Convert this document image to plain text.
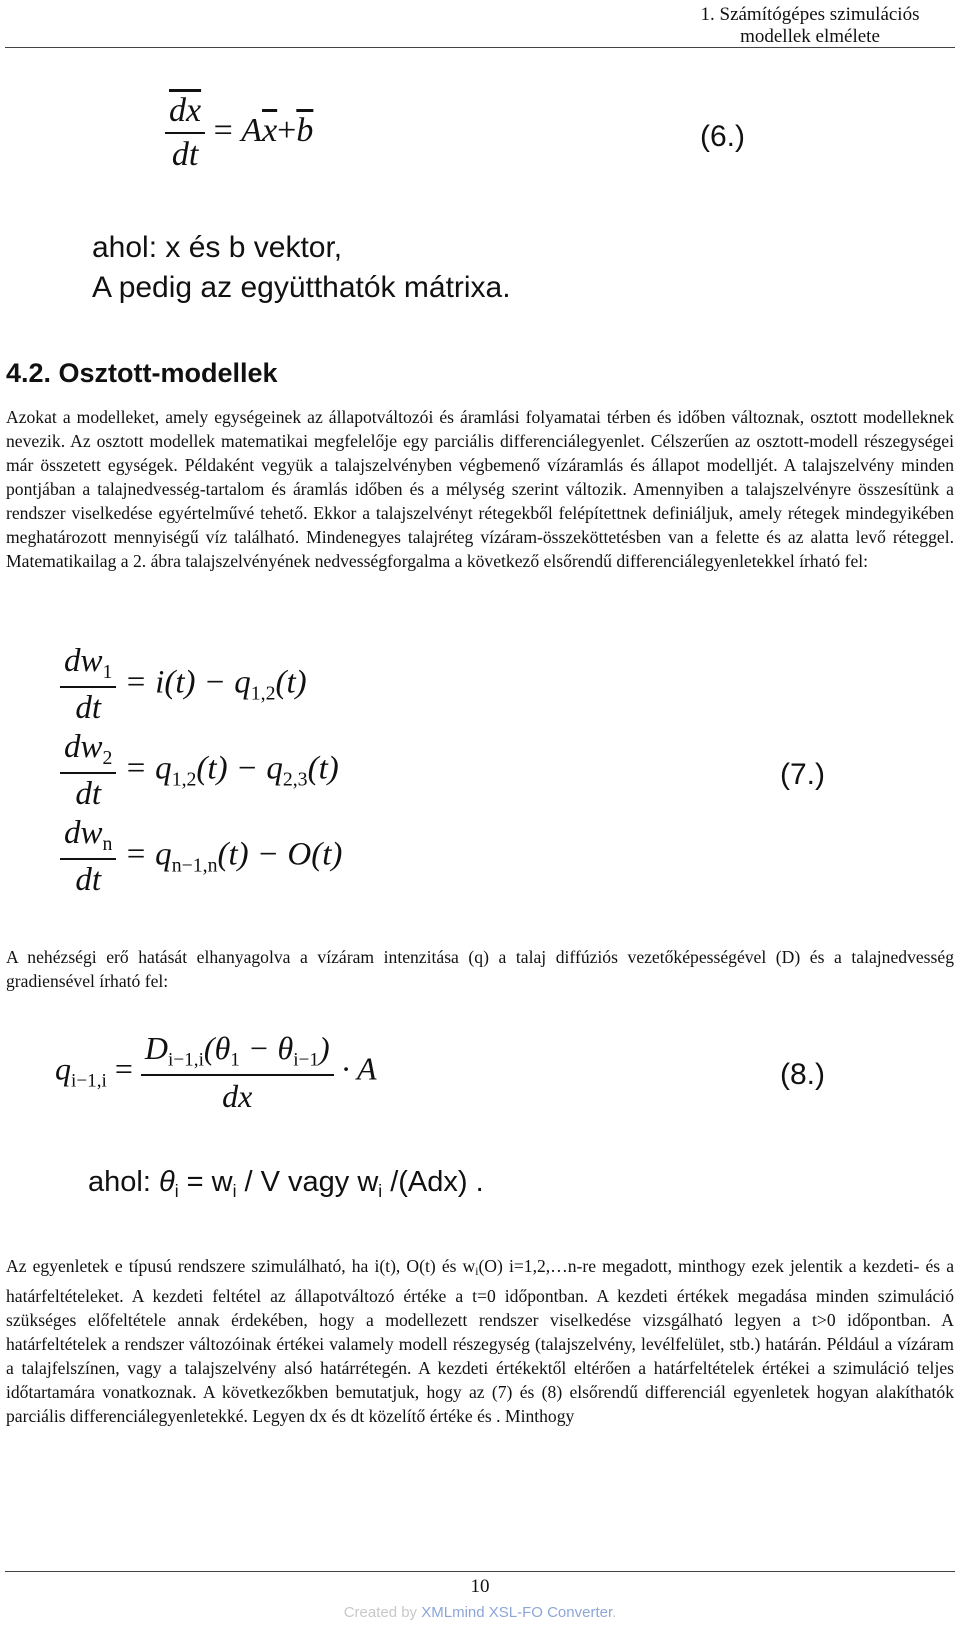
1. Számítógépes szimulációs modellek elmélete
$\frac{\overline{dx}}{dt} = A\overline{x}+\overline{b}$	(6.)
ahol: x és b vektor,
A pedig az együtthatók mátrixa.
4.2. Osztott-modellek

Azokat a modelleket, amely egységeinek az állapotváltozói és áramlási folyamatai térben és időben változnak, osztott modelleknek nevezik. Az osztott modellek matematikai megfelelője egy parciális differenciálegyenlet. Célszerűen az osztott-modell részegységei már összetett egységek. Példaként vegyük a talajszelvényben végbemenő vízáramlás és állapot modelljét. A talajszelvény minden pontjában a talajnedvesség-tartalom és áramlás időben és a mélység szerint változik. Amennyiben a talajszelvényre összesítünk a rendszer viselkedése egyértelművé tehető. Ekkor a talajszelvényt rétegekből felépítettnek definiáljuk, amely rétegek mindegyikében meghatározott mennyiségű víz található. Mindenegyes talajréteg vízáram-összeköttetésben van a felette és az alatta levő réteggel. Matematikailag a 2. ábra talajszelvényének nedvességforgalma a következő elsőrendű differenciálegyenletekkel írható fel:

$\frac{dw_1}{dt} = i(t) - q_{1,2}(t)$
$\frac{dw_2}{dt} = q_{1,2}(t) - q_{2,3}(t)$
$\frac{dw_n}{dt} = q_{n-1,n}(t) - O(t)$
(7.)

A nehézségi erő hatását elhanyagolva a vízáram intenzitása (q) a talaj diffúziós vezetőképességével (D) és a talajnedvesség gradiensével írható fel:

$q_{i-1,i} = \frac{D_{i-1,i}(\theta_1 - \theta_{i-1})}{dx} \cdot A$	(8.)
ahol: $\theta_i = w_i / V$ vagy $w_i$ /(Adx) .

Az egyenletek e típusú rendszere szimulálható, ha i(t), O(t) és $w_i(O)$ i=1,2,…n-re megadott, minthogy ezek jelentik a kezdeti- és a határfeltételeket. A kezdeti feltétel az állapotváltozó értéke a t=0 időpontban. A kezdeti értékek megadása minden szimuláció szükséges előfeltétele annak érdekében, hogy a modellezett rendszer viselkedése vizsgálható legyen a t>0 időpontban. A határfeltételek a rendszer változóinak értékei valamely modell részegység (talajszelvény, levélfelület, stb.) határán. Például a vízáram a talajfelszínen, vagy a talajszelvény alsó határrétegén. A kezdeti értékektől eltérően a határfeltételek értékei a szimuláció teljes időtartamára vonatkoznak. A következőkben bemutatjuk, hogy az (7) és (8) elsőrendű differenciál egyenletek hogyan alakíthatók parciális differenciálegyenletekké. Legyen dx és dt közelítő értéke és . Minthogy

10
Created by XMLmind XSL-FO Converter.
